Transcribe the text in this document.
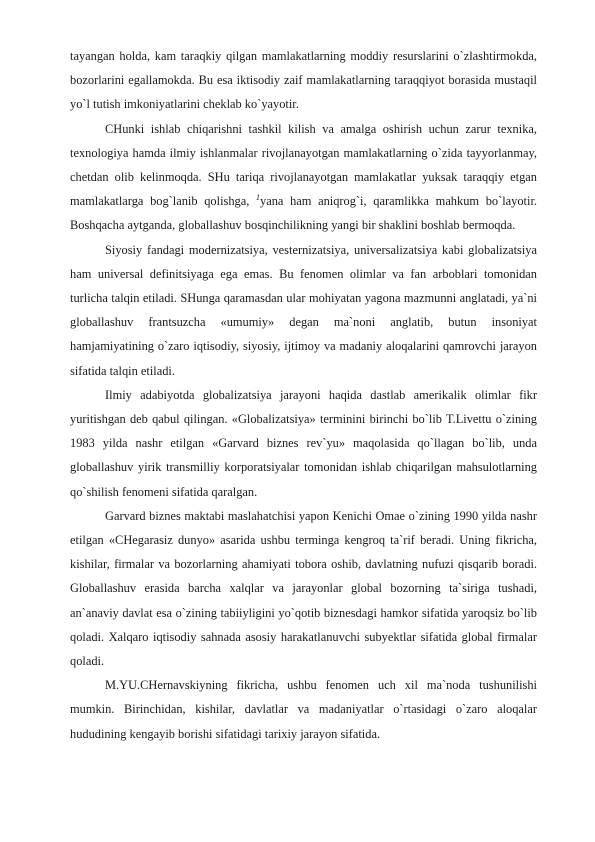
tayangan holda, kam taraqkiy qilgan mamlakatlarning moddiy resurslarini o`zlashtirmokda, bozorlarini egallamokda. Bu esa iktisodiy zaif mamlakatlarning taraqqiyot borasida mustaqil yo`l tutish imkoniyatlarini cheklab ko`yayotir.

CHunki ishlab chiqarishni tashkil kilish va amalga oshirish uchun zarur texnika, texnologiya hamda ilmiy ishlanmalar rivojlanayotgan mamlakatlarning o`zida tayyorlanmay, chetdan olib kelinmoqda. SHu tariqa rivojlanayotgan mamlakatlar yuksak taraqqiy etgan mamlakatlarga bog`lanib qolishga, $^1$yana ham aniqrog`i, qaramlikka mahkum bo`layotir. Boshqacha aytganda, globallashuv bosqinchilikning yangi bir shaklini boshlab bermoqda.

Siyosiy fandagi modernizatsiya, vesternizatsiya, universalizatsiya kabi globalizatsiya ham universal definitsiyaga ega emas. Bu fenomen olimlar va fan arboblari tomonidan turlicha talqin etiladi. SHunga qaramasdan ular mohiyatan yagona mazmunni anglatadi, ya`ni globallashuv frantsuzcha «umumiy» degan ma`noni anglatib, butun insoniyat hamjamiyatining o`zaro iqtisodiy, siyosiy, ijtimoy va madaniy aloqalarini qamrovchi jarayon sifatida talqin etiladi.

Ilmiy adabiyotda globalizatsiya jarayoni haqida dastlab amerikalik olimlar fikr yuritishgan deb qabul qilingan. «Globalizatsiya» terminini birinchi bo`lib T.Livettu o`zining 1983 yilda nashr etilgan «Garvard biznes rev`yu» maqolasida qo`llagan bo`lib, unda globallashuv yirik transmilliy korporatsiyalar tomonidan ishlab chiqarilgan mahsulotlarning qo`shilish fenomeni sifatida qaralgan.

Garvard biznes maktabi maslahatchisi yapon Kenichi Omae o`zining 1990 yilda nashr etilgan «CHegarasiz dunyo» asarida ushbu terminga kengroq ta`rif beradi. Uning fikricha, kishilar, firmalar va bozorlarning ahamiyati tobora oshib, davlatning nufuzi qisqarib boradi. Globallashuv erasida barcha xalqlar va jarayonlar global bozorning ta`siriga tushadi, an`anaviy davlat esa o`zining tabiiyligini yo`qotib biznesdagi hamkor sifatida yaroqsiz bo`lib qoladi. Xalqaro iqtisodiy sahnada asosiy harakatlanuvchi subyektlar sifatida global firmalar qoladi.

M.YU.CHernavskiyning fikricha, ushbu fenomen uch xil ma`noda tushunilishi mumkin. Birinchidan, kishilar, davlatlar va madaniyatlar o`rtasidagi o`zaro aloqalar hududining kengayib borishi sifatidagi tarixiy jarayon sifatida.
